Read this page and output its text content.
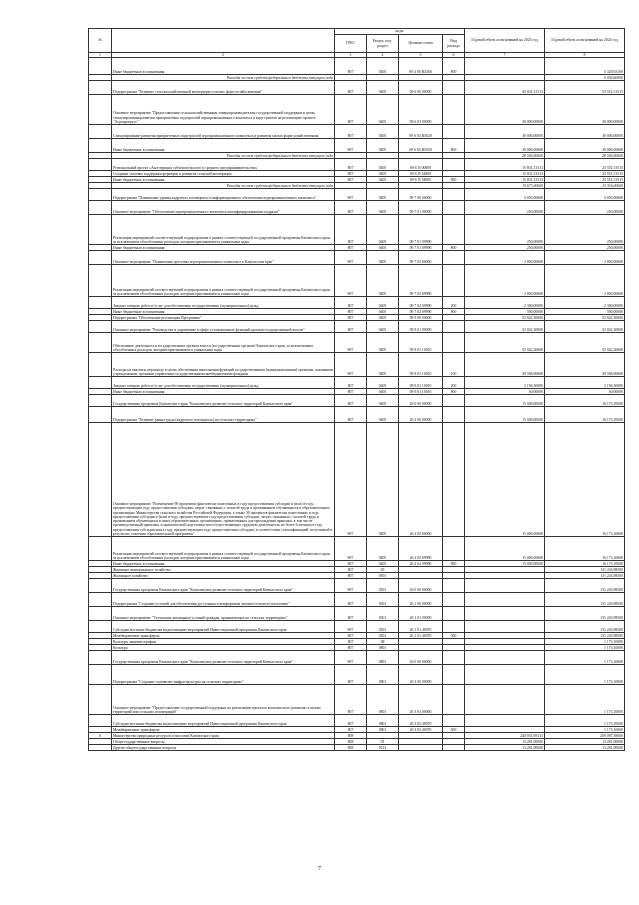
№		коды				Годовой объем ассигнований на 2023 год	Годовой объем ассигнований на 2024 год
		ГРБС	Раздел, под-раздел	Целевая статья	Вид расхода		
1	2	3	4	5	6	7	8
	Иные бюджетные ассигнования	807	0405	09 4 06 R4360	800		5 320,63160
	Расходы за счет средств федерального бюджета текущего года						5 054,60000
	Подпрограмма "Развитие сельскохозяйственной кооперации и малых форм хозяйствования"	807	0405	09 6 00 00000		45 831,31313	53 551,51515
	Основное мероприятие "Предоставление сельскохозяйственным товаропроизводителям государственной поддержки в целях стимулирования развития приоритетных подотраслей агропромышленного комплекса в виде грантов на реализацию проекта "Агропрогресс"	807	0405	09 6 03 00000		30 000,00000	30 000,00000
	Стимулирование развития приоритетных подотраслей агропромышленного комплекса и развития малых форм хозяйствования	807	0405	09 6 03 R5020		30 000,00000	30 000,00000
	Иные бюджетные ассигнования	807	0405	09 6 03 R5020	800	30 000,00000	30 000,00000
	Расходы за счет средств федерального бюджета текущего года					28 500,00000	28 500,00000
	Региональный проект «Акселерация субъектов малого и среднего предпринимательства»	807	0405	09 6 I5 00000		15 831,31313	23 551,51515
	Создание системы поддержки фермеров и развитие сельской кооперации	807	0405	09 6 I5 54800		15 831,31313	23 551,51515
	Иные бюджетные ассигнования	807	0405	09 6 I5 54800	800	15 831,31313	23 551,51515
	Расходы за счет средств федерального бюджета текущего года					15 673,00000	23 316,00000
	Подпрограмма "Повышение уровня кадрового потенциала и информационного обеспечения агропромышленного комплекса"	807	0405	09 7 00 00000		3 050,00000	3 050,00000
	Основное мероприятие "Обеспечение агропромышленного комплекса квалифицированными кадрами"	807	0405	09 7 01 00000		250,00000	250,00000
	Реализация мероприятий соответствующей подпрограммы в рамках соответствующей государственной программы Камчатского края, за исключением обособленных расходов, которым присваиваются уникальные коды	807	0405	09 7 01 09990		250,00000	250,00000
	Иные бюджетные ассигнования	807	0405	09 7 01 09990	800	250,00000	250,00000
	Основное мероприятие "Повышение престижа агропромышленного комплекса в Камчатском крае"	807	0405	09 7 02 00000		2 800,00000	2 800,00000
	Реализация мероприятий соответствующей подпрограммы в рамках соответствующей государственной программы Камчатского края, за исключением обособленных расходов, которым присваиваются уникальные коды	807	0405	09 7 02 09990		2 800,00000	2 800,00000
	Закупка товаров, работ и услуг для обеспечения государственных (муниципальных) нужд	807	0405	09 7 02 09990	200	2 300,00000	2 300,00000
	Иные бюджетные ассигнования	807	0405	09 7 02 09990	800	500,00000	500,00000
	Подпрограмма "Обеспечение реализации Программы"	807	0405	09 9 00 00000		52 822,30000	52 822,30000
	Основное мероприятие "Руководство и управление в сфере установленных функций органов государственной власти"	807	0405	09 9 01 00000		52 822,30000	52 822,30000
	Обеспечение деятельности государственных органов власти (государственных органов) Камчатского края, за исключением обособленных расходов, которым присваиваются уникальные коды	807	0405	09 9 01 10010		52 822,30000	52 822,30000
	Расходы на выплаты персоналу в целях обеспечения выполнения функций государственными (муниципальными) органами, казенными учреждениями, органами управления государственными внебюджетными фондами	807	0405	09 9 01 10010	100	49 568,00000	49 568,00000
	Закупка товаров, работ и услуг для обеспечения государственных (муниципальных) нужд	807	0405	09 9 01 10010	200	3 194,30000	3 194,30000
	Иные бюджетные ассигнования	807	0405	09 9 01 10010	800	60,00000	60,00000
	Государственная программа Камчатского края "Комплексное развитие сельских территорий Камчатского края"	807	0405	26 0 00 00000		15 000,00000	16 173,10000
	Подпрограмма "Развитие рынка труда (кадрового потенциала) на сельских территориях"	807	0405	26 2 00 00000		15 000,00000	16 173,10000
	Основное мероприятие "Возмещение 90 процентов фактически понесенных в году предоставления субсидии и (или) в году, предшествующем году предоставления субсидии, затрат, связанных с оплатой труда и проживанием обучающихся в образовательных организациях Министерства сельского хозяйства Российской Федерации, а также 30 процентов фактически понесенных в году предоставления субсидии и (или) в году, предшествующем году предоставления субсидии, затрат, связанных с оплатой труда и проживанием обучающихся в иных образовательных организациях, привлеченных для прохождения практики, в том числе производственной практики, и практической подготовки или осуществляющих трудовую деятельность не более 6 месяцев в году предоставления субсидии или в году, предшествующем году предоставления субсидии, в соответствии с квалификацией, полученной в результате освоения образовательной программы"	807	0405	26 2 02 00000		15 000,00000	16 173,10000
	Реализация мероприятий соответствующей подпрограммы в рамках соответствующей государственной программы Камчатского края, за исключением обособленных расходов, которым присваиваются уникальные коды	807	0405	26 2 02 09990		15 000,00000	16 173,10000
	Иные бюджетные ассигнования	807	0405	26 2 02 09990	800	15 000,00000	16 173,10000
	Жилищно-коммунальное хозяйство	807	05				131 243,98500
	Жилищное хозяйство	807	0501				131 243,98500
	Государственная программа Камчатского края "Комплексное развитие сельских территорий Камчатского края"	807	0501	26 0 00 00000			131 243,98500
	Подпрограмма "Создание условий для обеспечения доступным и комфортным жильем сельского населения"	807	0501	26 1 00 00000			131 243,98500
	Основное мероприятие "Улучшение жилищных условий граждан, проживающих на сельских территориях"	807	0501	26 1 01 00000			131 243,98500
	Субсидии местным бюджетам на реализацию мероприятий Инвестиционной программы Камчатского края	807	0501	26 1 01 40070			131 243,98500
	Межбюджетные трансферты	807	0501	26 1 01 40070	500		131 243,98500
	Культура, кинематография	807	08				1 173,10000
	Культура	807	0801				1 173,10000
	Государственная программа Камчатского края "Комплексное развитие сельских территорий Камчатского края"	807	0801	26 0 00 00000			1 173,10000
	Подпрограмма "Создание и развитие инфраструктуры на сельских территориях"	807	0801	26 3 00 00000			1 173,10000
	Основное мероприятие "Предоставление государственной поддержки на реализацию проектов комплексного развития сельских территорий или сельских агломераций"	807	0801	26 3 03 00000			1 173,10000
	Субсидии местным бюджетам на реализацию мероприятий Инвестиционной программы Камчатского края	807	0801	26 3 03 40070			1 173,10000
	Межбюджетные трансферты	807	0801	26 3 03 40070	500		1 173,10000
6	Министерство природных ресурсов и экологии Камчатского края	808				240 031,69133	209 097,38000
	Общегосударственные вопросы	808	01			13 281,00000	13 281,00000
	Другие общегосударственные вопросы	808	0113			13 281,00000	13 281,00000
7
